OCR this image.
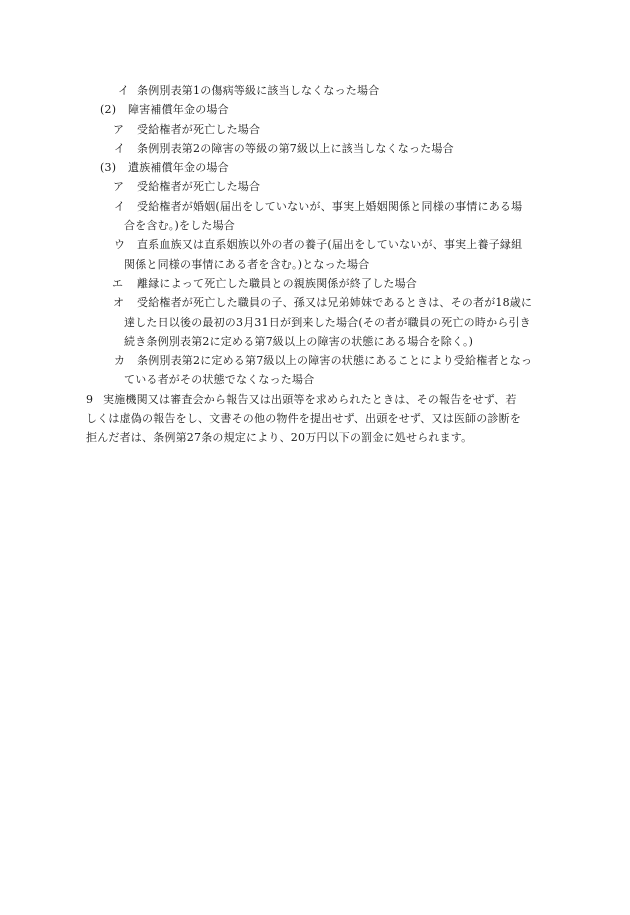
イ 条例別表第1の傷病等級に該当しなくなった場合
(2) 障害補償年金の場合
ア 受給権者が死亡した場合
イ 条例別表第2の障害の等級の第7級以上に該当しなくなった場合
(3) 遺族補償年金の場合
ア 受給権者が死亡した場合
イ 受給権者が婚姻(届出をしていないが、事実上婚姻関係と同様の事情にある場
合を含む。)をした場合
ウ 直系血族又は直系姻族以外の者の養子(届出をしていないが、事実上養子縁組
関係と同様の事情にある者を含む。)となった場合
エ 離縁によって死亡した職員との親族関係が終了した場合
オ 受給権者が死亡した職員の子、孫又は兄弟姉妹であるときは、その者が18歳に
達した日以後の最初の3月31日が到来した場合(その者が職員の死亡の時から引き
続き条例別表第2に定める第7級以上の障害の状態にある場合を除く。)
カ 条例別表第2に定める第7級以上の障害の状態にあることにより受給権者となっ
ている者がその状態でなくなった場合
9 実施機関又は審査会から報告又は出頭等を求められたときは、その報告をせず、若
しくは虚偽の報告をし、文書その他の物件を提出せず、出頭をせず、又は医師の診断を
拒んだ者は、条例第27条の規定により、20万円以下の罰金に処せられます。
